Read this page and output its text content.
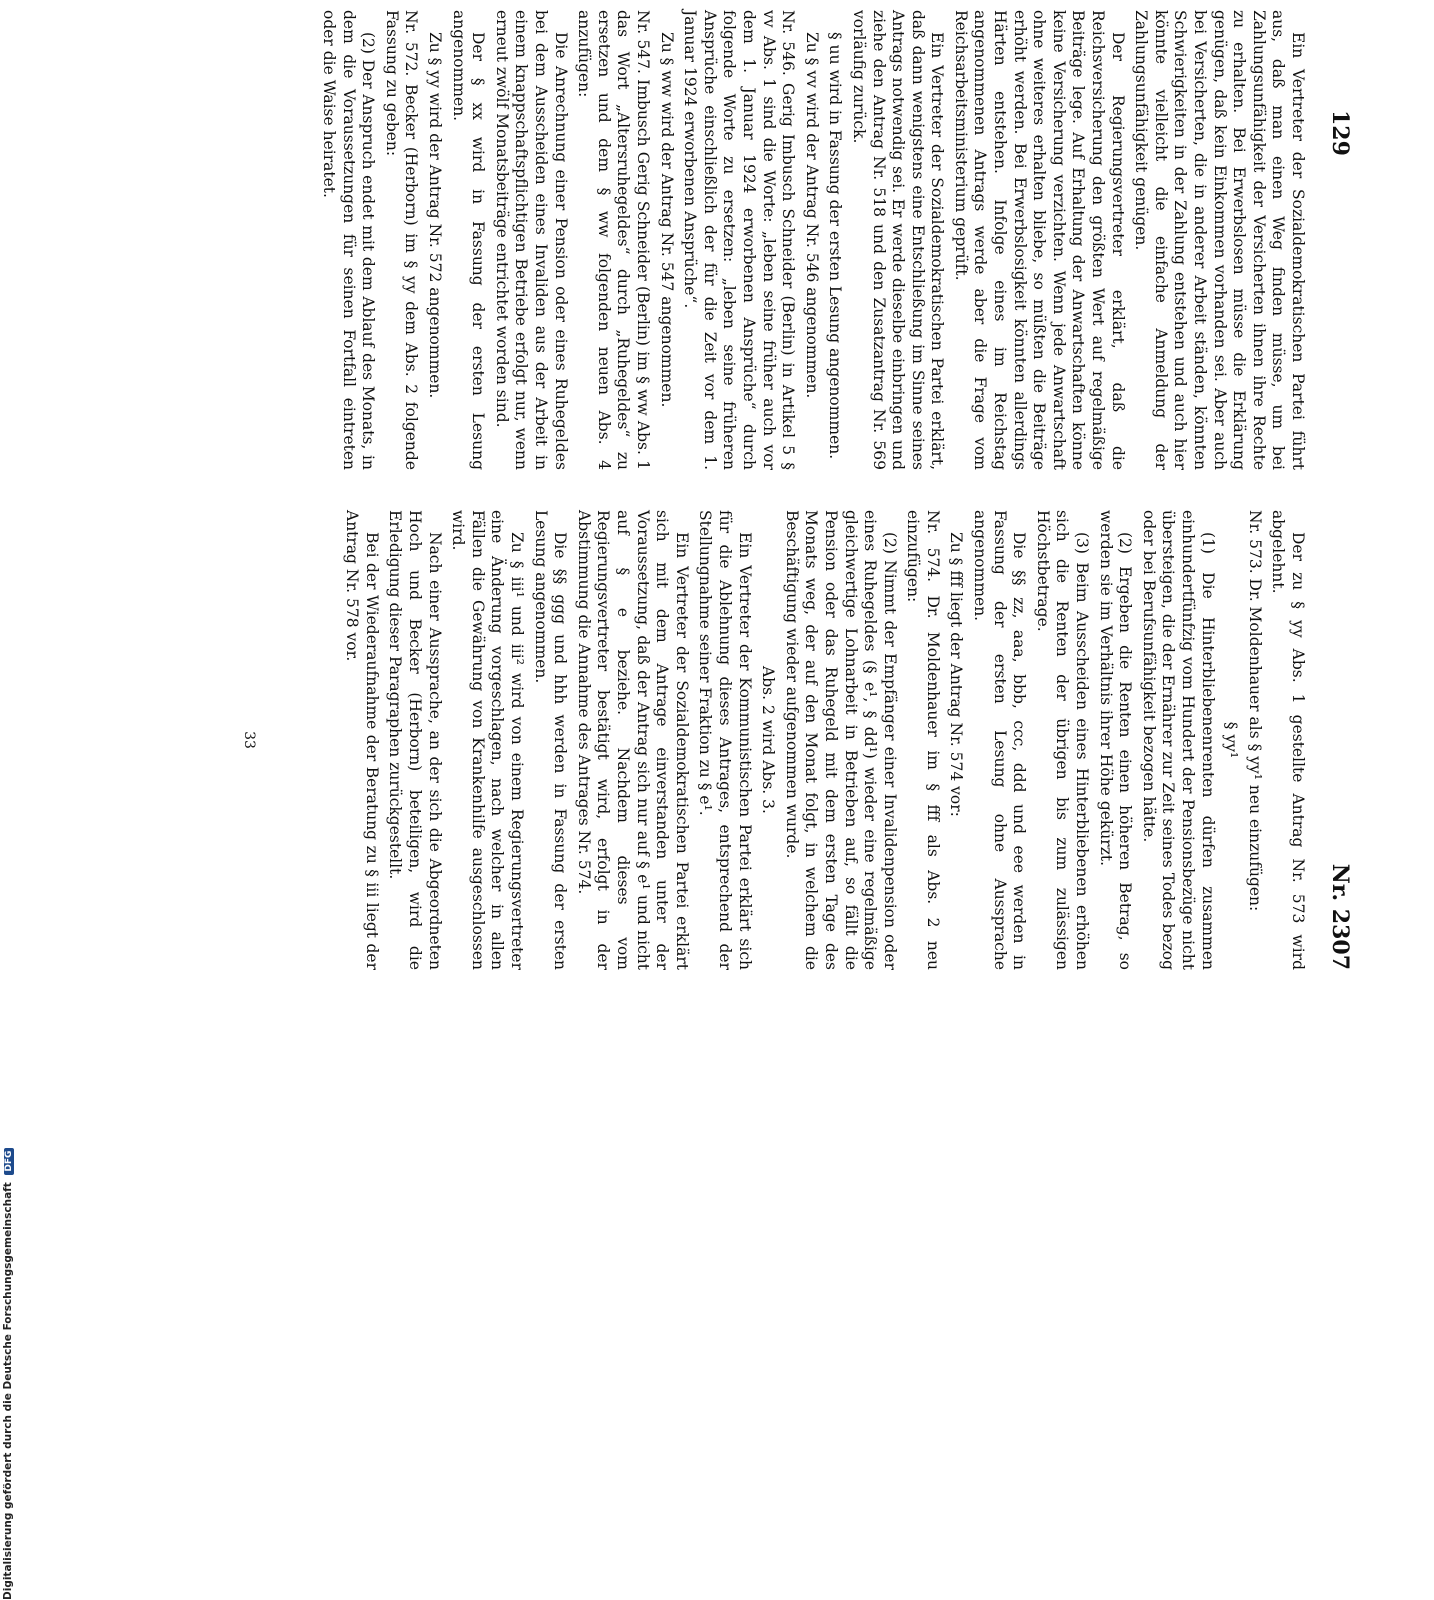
129
Nr. 2307

Ein Vertreter der Sozialdemokratischen Partei führt aus, daß man einen Weg finden müsse, um bei Zahlungsunfähigkeit der Versicherten ihnen ihre Rechte zu erhalten. Bei Erwerbslosen müsse die Erklärung genügen, daß kein Einkommen vorhanden sei. Aber auch bei Versicherten, die in anderer Arbeit ständen, könnten Schwierigkeiten in der Zahlung entstehen und auch hier könnte vielleicht die einfache Anmeldung der Zahlungsunfähigkeit genügen.

Der Regierungsvertreter erklärt, daß die Reichsversicherung den größten Wert auf regelmäßige Beiträge lege. Auf Erhaltung der Anwartschaften könne keine Versicherung verzichten. Wenn jede Anwartschaft ohne weiteres erhalten bliebe, so müßten die Beiträge erhöht werden. Bei Erwerbslosigkeit könnten allerdings Härten entstehen. Infolge eines im Reichstag angenommenen Antrags werde aber die Frage vom Reichsarbeitsministerium geprüft.

Ein Vertreter der Sozialdemokratischen Partei erklärt, daß dann wenigstens eine Entschließung im Sinne seines Antrags notwendig sei. Er werde dieselbe einbringen und ziehe den Antrag Nr. 518 und den Zusatzantrag Nr. 569 vorläufig zurück.

§ uu wird in Fassung der ersten Lesung angenommen.

Zu § vv wird der Antrag Nr. 546 angenommen.

Nr. 546. Gerig Imbusch Schneider (Berlin) in Artikel 5 § vv Abs. 1 sind die Worte: „leben seine früher auch vor dem 1. Januar 1924 erworbenen Ansprüche“ durch folgende Worte zu ersetzen: „leben seine früheren Ansprüche einschließlich der für die Zeit vor dem 1. Januar 1924 erworbenen Ansprüche“.

Zu § ww wird der Antrag Nr. 547 angenommen.

Nr. 547. Imbusch Gerig Schneider (Berlin) im § ww Abs. 1 das Wort „Altersruhegeldes“ durch „Ruhegeldes“ zu ersetzen und dem § ww folgenden neuen Abs. 4 anzufügen:

Die Anrechnung einer Pension oder eines Ruhegeldes bei dem Ausscheiden eines Invaliden aus der Arbeit in einem knappschaftspflichtigen Betriebe erfolgt nur, wenn erneut zwölf Monatsbeiträge entrichtet worden sind.

Der § xx wird in Fassung der ersten Lesung angenommen.

Zu § yy wird der Antrag Nr. 572 angenommen.

Nr. 572. Becker (Herborn) im § yy dem Abs. 2 folgende Fassung zu geben:

(2) Der Anspruch endet mit dem Ablauf des Monats, in dem die Voraussetzungen für seinen Fortfall eintreten oder die Waise heiratet.

Der zu § yy Abs. 1 gestellte Antrag Nr. 573 wird abgelehnt.

Nr. 573. Dr. Moldenhauer als § yy¹ neu einzufügen:

§ yy¹

(1) Die Hinterbliebenenrenten dürfen zusammen einhundertfünfzig vom Hundert der Pensionsbezüge nicht übersteigen, die der Ernährer zur Zeit seines Todes bezog oder bei Berufsunfähigkeit bezogen hätte.

(2) Ergeben die Renten einen höheren Betrag, so werden sie im Verhältnis ihrer Höhe gekürzt.

(3) Beim Ausscheiden eines Hinterbliebenen erhöhen sich die Renten der übrigen bis zum zulässigen Höchstbetrage.

Die §§ zz, aaa, bbb, ccc, ddd und eee werden in Fassung der ersten Lesung ohne Aussprache angenommen.

Zu § fff liegt der Antrag Nr. 574 vor:

Nr. 574. Dr. Moldenhauer im § fff als Abs. 2 neu einzufügen:

(2) Nimmt der Empfänger einer Invalidenpension oder eines Ruhegeldes (§ e¹, § dd¹) wieder eine regelmäßige gleichwertige Lohnarbeit in Betrieben auf, so fällt die Pension oder das Ruhegeld mit dem ersten Tage des Monats weg, der auf den Monat folgt, in welchem die Beschäftigung wieder aufgenommen wurde.

Abs. 2 wird Abs. 3.

Ein Vertreter der Kommunistischen Partei erklärt sich für die Ablehnung dieses Antrages, entsprechend der Stellungnahme seiner Fraktion zu § e¹.

Ein Vertreter der Sozialdemokratischen Partei erklärt sich mit dem Antrage einverstanden unter der Voraussetzung, daß der Antrag sich nur auf § e¹ und nicht auf § e beziehe. Nachdem dieses vom Regierungsvertreter bestätigt wird, erfolgt in der Abstimmung die Annahme des Antrages Nr. 574.

Die §§ ggg und hhh werden in Fassung der ersten Lesung angenommen.

Zu § iii¹ und iii² wird von einem Regierungsvertreter eine Änderung vorgeschlagen, nach welcher in allen Fällen die Gewährung von Krankenhilfe ausgeschlossen wird.

Nach einer Aussprache, an der sich die Abgeordneten Hoch und Becker (Herborn) beteiligen, wird die Erledigung dieser Paragraphen zurückgestellt.

Bei der Wiederaufnahme der Beratung zu § iii liegt der Antrag Nr. 578 vor.

33
Digitalisierung gefördert durch die Deutsche Forschungsgemeinschaft DFG
